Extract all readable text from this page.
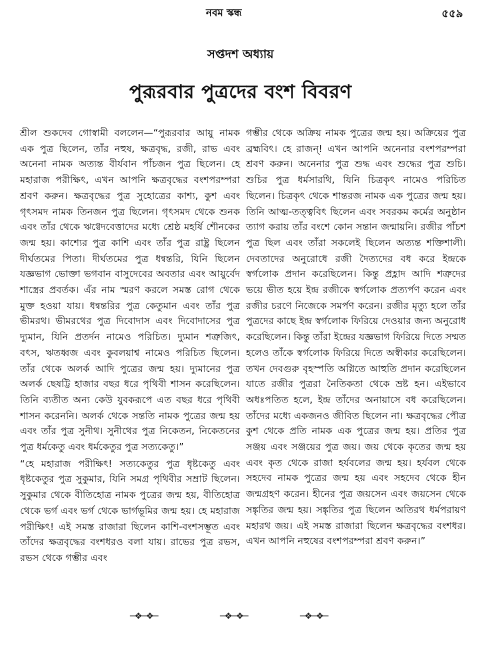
নবম স্কন্ধ	৫৫৯
সপ্তদশ অধ্যায়
পুরূরবার পুত্রদের বংশ বিবরণ

শ্রীল শুকদেব গোস্বামী বললেন—“পুরূরবার আয়ু নামক এক পুত্র ছিলেন, তাঁর নহুষ, ক্ষত্রবৃদ্ধ, রজী, রাভ এবং অনেনা নামক অত্যন্ত বীর্যবান পাঁচজন পুত্র ছিলেন। হে মহারাজ পরীক্ষিৎ, এখন আপনি ক্ষত্রবৃদ্ধের বংশপরম্পরা শ্রবণ করুন। ক্ষত্রবৃদ্ধের পুত্র সুহোত্রের কাশ্য, কুশ এবং গৃৎসমদ নামক তিনজন পুত্র ছিলেন। গৃৎসমদ থেকে শুনক এবং তাঁর থেকে ঋগ্বেদবেত্তাদের মধ্যে শ্রেষ্ঠ মহর্ষি শৌনকের জন্ম হয়। কাশ্যের পুত্র কাশি এবং তাঁর পুত্র রাষ্ট্র ছিলেন দীর্ঘতমের পিতা। দীর্ঘতমের পুত্র ধন্বন্তরি, যিনি ছিলেন যজ্ঞভাগ ভোক্তা ভগবান বাসুদেবের অবতার এবং আয়ুর্বেদ শাস্ত্রের প্রবর্তক। এঁর নাম স্মরণ করলে সমস্ত রোগ থেকে মুক্ত হওয়া যায়। ধন্বন্তরির পুত্র কেতুমান এবং তাঁর পুত্র ভীমরথ। ভীমরথের পুত্র দিবোদাস এবং দিবোদাসের পুত্র দ্যুমান, যিনি প্রতর্দন নামেও পরিচিত। দ্যুমান শত্রুজিৎ, বৎস, ঋতধ্বজ এবং কুবলয়াশ্ব নামেও পরিচিত ছিলেন। তাঁর থেকে অলর্ক আদি পুত্রের জন্ম হয়। দ্যুমানের পুত্র অলর্ক ছেষট্টি হাজার বছর ধরে পৃথিবী শাসন করেছিলেন। তিনি ব্যতীত অন্য কেউ যুবকরূপে এত বছর ধরে পৃথিবী শাসন করেননি। অলর্ক থেকে সন্ততি নামক পুত্রের জন্ম হয় এবং তাঁর পুত্র সুনীথ। সুনীথের পুত্র নিকেতন, নিকেতনের পুত্র ধর্মকেতু এবং ধর্মকেতুর পুত্র সত্যকেতু।”

“হে মহারাজ পরীক্ষিৎ! সত্যকেতুর পুত্র ধৃষ্টকেতু এবং ধৃষ্টকেতুর পুত্র সুকুমার, যিনি সমগ্র পৃথিবীর সম্রাট ছিলেন। সুকুমার থেকে বীতিহোত্র নামক পুত্রের জন্ম হয়, বীতিহোত্র থেকে ভর্গ এবং ভর্গ থেকে ভার্গভূমির জন্ম হয়। হে মহারাজ পরীক্ষিৎ! এই সমস্ত রাজারা ছিলেন কাশি-বংশসম্ভূত এবং তাঁদের ক্ষত্রবৃদ্ধের বংশধরও বলা যায়। রাভের পুত্র রভস, রভস থেকে গম্ভীর এবং

গম্ভীর থেকে অক্রিয় নামক পুত্রের জন্ম হয়। অক্রিয়ের পুত্র ব্রহ্মবিৎ। হে রাজন্! এখন আপনি অনেনার বংশপরম্পরা শ্রবণ করুন। অনেনার পুত্র শুদ্ধ এবং শুদ্ধের পুত্র শুচি। শুচির পুত্র ধর্মসারথি, যিনি চিত্রকৃৎ নামেও পরিচিত ছিলেন। চিত্রকৃৎ থেকে শান্তরজ নামক এক পুত্রের জন্ম হয়। তিনি আত্ম-তত্ত্ববিৎ ছিলেন এবং সবরকম কর্মের অনুষ্ঠান ত্যাগ করায় তাঁর বংশে কোন সন্তান জন্মায়নি। রজীর পাঁচশ পুত্র ছিল এবং তাঁরা সকলেই ছিলেন অত্যন্ত শক্তিশালী। দেবতাদের অনুরোধে রজী দৈত্যদের বধ করে ইন্দ্রকে স্বর্গলোক প্রদান করেছিলেন। কিন্তু প্রহ্লাদ আদি শত্রুদের ভয়ে ভীত হয়ে ইন্দ্র রজীকে স্বর্গলোক প্রত্যর্পণ করেন এবং রজীর চরণে নিজেকে সমর্পণ করেন। রজীর মৃত্যু হলে তাঁর পুত্রদের কাছে ইন্দ্র স্বর্গলোক ফিরিয়ে দেওয়ার জন্য অনুরোধ করেছিলেন। কিন্তু তাঁরা ইন্দ্রের যজ্ঞভাগ ফিরিয়ে দিতে সম্মত হলেও তাঁকে স্বর্গলোক ফিরিয়ে দিতে অস্বীকার করেছিলেন। তখন দেবগুরু বৃহস্পতি অগ্নিতে আহুতি প্রদান করেছিলেন যাতে রজীর পুত্ররা নৈতিকতা থেকে ভ্রষ্ট হন। এইভাবে অধঃপতিত হলে, ইন্দ্র তাঁদের অনায়াসে বধ করেছিলেন। তাঁদের মধ্যে একজনও জীবিত ছিলেন না। ক্ষত্রবৃদ্ধের পৌত্র কুশ থেকে প্রতি নামক এক পুত্রের জন্ম হয়। প্রতির পুত্র সঞ্জয় এবং সঞ্জয়ের পুত্র জয়। জয় থেকে কৃতের জন্ম হয় এবং কৃত থেকে রাজা হর্যবলের জন্ম হয়। হর্যবল থেকে সহদেব নামক পুত্রের জন্ম হয় এবং সহদেব থেকে হীন জন্মগ্রহণ করেন। হীনের পুত্র জয়সেন এবং জয়সেন থেকে সঙ্কৃতির জন্ম হয়। সঙ্কৃতির পুত্র ছিলেন অতিরথ ধর্মপরায়ণ মহারথ জয়। এই সমস্ত রাজারা ছিলেন ক্ষত্রবৃদ্ধের বংশধর। এখন আপনি নহুষের বংশপরম্পরা শ্রবণ করুন।”

─❖─❖─	─❖─❖─	─❖─❖─
